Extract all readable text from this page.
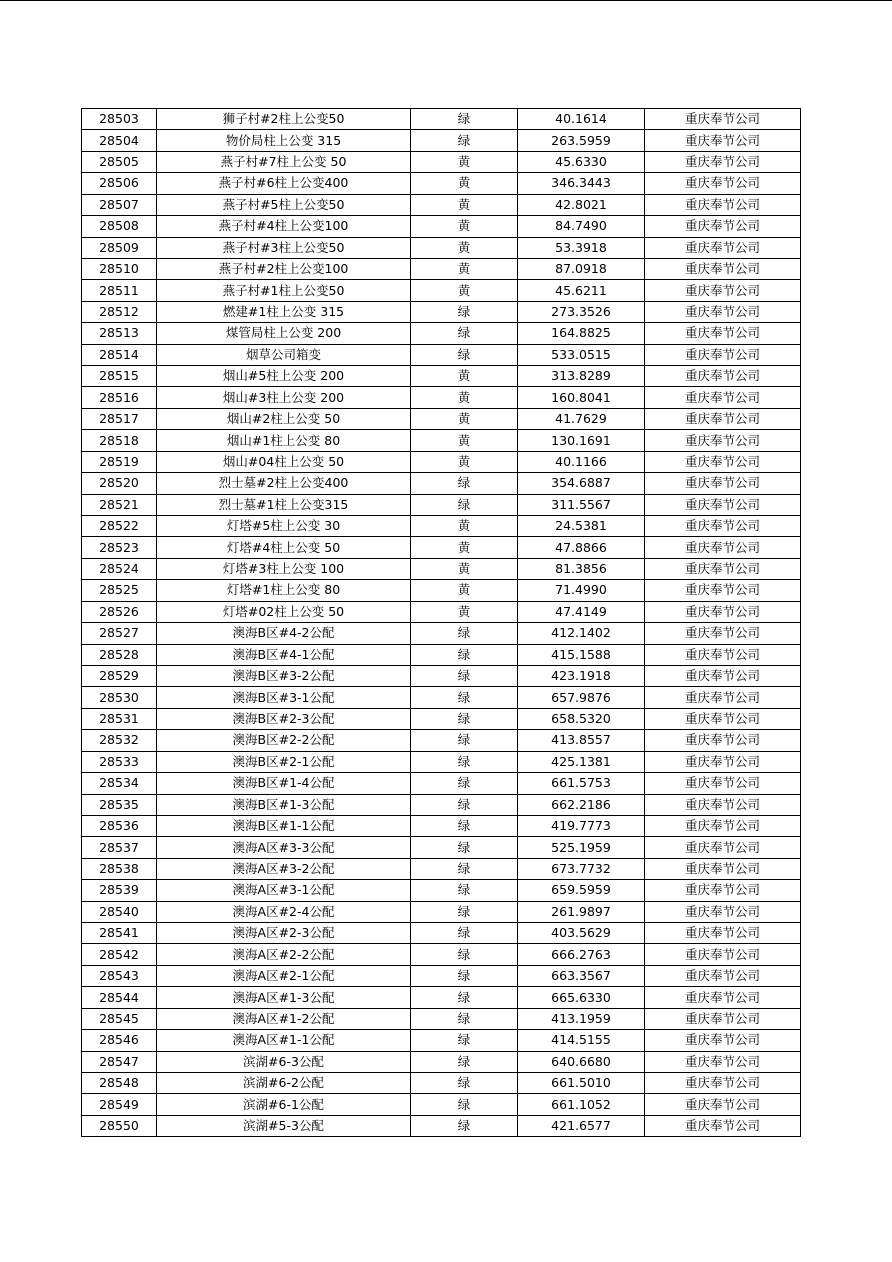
28503	狮子村#2柱上公变50	绿	40.1614	重庆奉节公司
28504	物价局柱上公变 315	绿	263.5959	重庆奉节公司
28505	燕子村#7柱上公变 50	黄	45.6330	重庆奉节公司
28506	燕子村#6柱上公变400	黄	346.3443	重庆奉节公司
28507	燕子村#5柱上公变50	黄	42.8021	重庆奉节公司
28508	燕子村#4柱上公变100	黄	84.7490	重庆奉节公司
28509	燕子村#3柱上公变50	黄	53.3918	重庆奉节公司
28510	燕子村#2柱上公变100	黄	87.0918	重庆奉节公司
28511	燕子村#1柱上公变50	黄	45.6211	重庆奉节公司
28512	燃建#1柱上公变 315	绿	273.3526	重庆奉节公司
28513	煤管局柱上公变 200	绿	164.8825	重庆奉节公司
28514	烟草公司箱变	绿	533.0515	重庆奉节公司
28515	烟山#5柱上公变 200	黄	313.8289	重庆奉节公司
28516	烟山#3柱上公变 200	黄	160.8041	重庆奉节公司
28517	烟山#2柱上公变 50	黄	41.7629	重庆奉节公司
28518	烟山#1柱上公变 80	黄	130.1691	重庆奉节公司
28519	烟山#04柱上公变 50	黄	40.1166	重庆奉节公司
28520	烈士墓#2柱上公变400	绿	354.6887	重庆奉节公司
28521	烈士墓#1柱上公变315	绿	311.5567	重庆奉节公司
28522	灯塔#5柱上公变 30	黄	24.5381	重庆奉节公司
28523	灯塔#4柱上公变 50	黄	47.8866	重庆奉节公司
28524	灯塔#3柱上公变 100	黄	81.3856	重庆奉节公司
28525	灯塔#1柱上公变 80	黄	71.4990	重庆奉节公司
28526	灯塔#02柱上公变 50	黄	47.4149	重庆奉节公司
28527	澳海B区#4-2公配	绿	412.1402	重庆奉节公司
28528	澳海B区#4-1公配	绿	415.1588	重庆奉节公司
28529	澳海B区#3-2公配	绿	423.1918	重庆奉节公司
28530	澳海B区#3-1公配	绿	657.9876	重庆奉节公司
28531	澳海B区#2-3公配	绿	658.5320	重庆奉节公司
28532	澳海B区#2-2公配	绿	413.8557	重庆奉节公司
28533	澳海B区#2-1公配	绿	425.1381	重庆奉节公司
28534	澳海B区#1-4公配	绿	661.5753	重庆奉节公司
28535	澳海B区#1-3公配	绿	662.2186	重庆奉节公司
28536	澳海B区#1-1公配	绿	419.7773	重庆奉节公司
28537	澳海A区#3-3公配	绿	525.1959	重庆奉节公司
28538	澳海A区#3-2公配	绿	673.7732	重庆奉节公司
28539	澳海A区#3-1公配	绿	659.5959	重庆奉节公司
28540	澳海A区#2-4公配	绿	261.9897	重庆奉节公司
28541	澳海A区#2-3公配	绿	403.5629	重庆奉节公司
28542	澳海A区#2-2公配	绿	666.2763	重庆奉节公司
28543	澳海A区#2-1公配	绿	663.3567	重庆奉节公司
28544	澳海A区#1-3公配	绿	665.6330	重庆奉节公司
28545	澳海A区#1-2公配	绿	413.1959	重庆奉节公司
28546	澳海A区#1-1公配	绿	414.5155	重庆奉节公司
28547	滨湖#6-3公配	绿	640.6680	重庆奉节公司
28548	滨湖#6-2公配	绿	661.5010	重庆奉节公司
28549	滨湖#6-1公配	绿	661.1052	重庆奉节公司
28550	滨湖#5-3公配	绿	421.6577	重庆奉节公司
